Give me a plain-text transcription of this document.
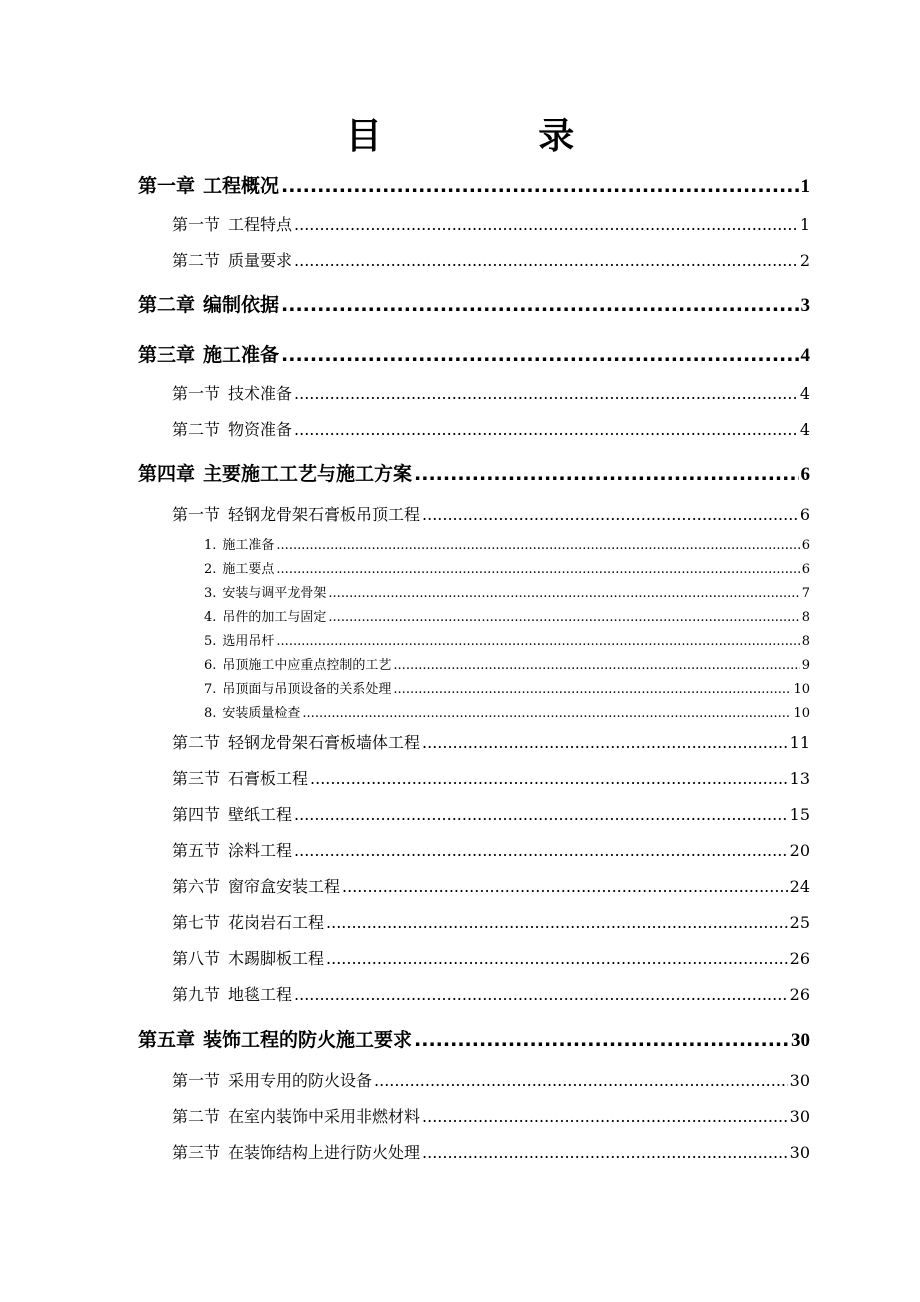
目 录
第一章 工程概况 .....	1
第一节 工程特点 .....	1
第二节 质量要求 .....	2
第二章 编制依据 .....	3
第三章 施工准备 .....	4
第一节 技术准备 .....	4
第二节 物资准备 .....	4
第四章 主要施工工艺与施工方案 .....	6
第一节 轻钢龙骨架石膏板吊顶工程 .....	6
1. 施工准备 .....	6
2. 施工要点 .....	6
3. 安装与调平龙骨架 .....	7
4. 吊件的加工与固定 .....	8
5. 选用吊杆 .....	8
6. 吊顶施工中应重点控制的工艺 .....	9
7. 吊顶面与吊顶设备的关系处理 .....	10
8. 安装质量检查 .....	10
第二节 轻钢龙骨架石膏板墙体工程 .....	11
第三节 石膏板工程 .....	13
第四节 壁纸工程 .....	15
第五节 涂料工程 .....	20
第六节 窗帘盒安装工程 .....	24
第七节 花岗岩石工程 .....	25
第八节 木踢脚板工程 .....	26
第九节 地毯工程 .....	26
第五章 装饰工程的防火施工要求 .....	30
第一节 采用专用的防火设备 .....	30
第二节 在室内装饰中采用非燃材料 .....	30
第三节 在装饰结构上进行防火处理 .....	30
